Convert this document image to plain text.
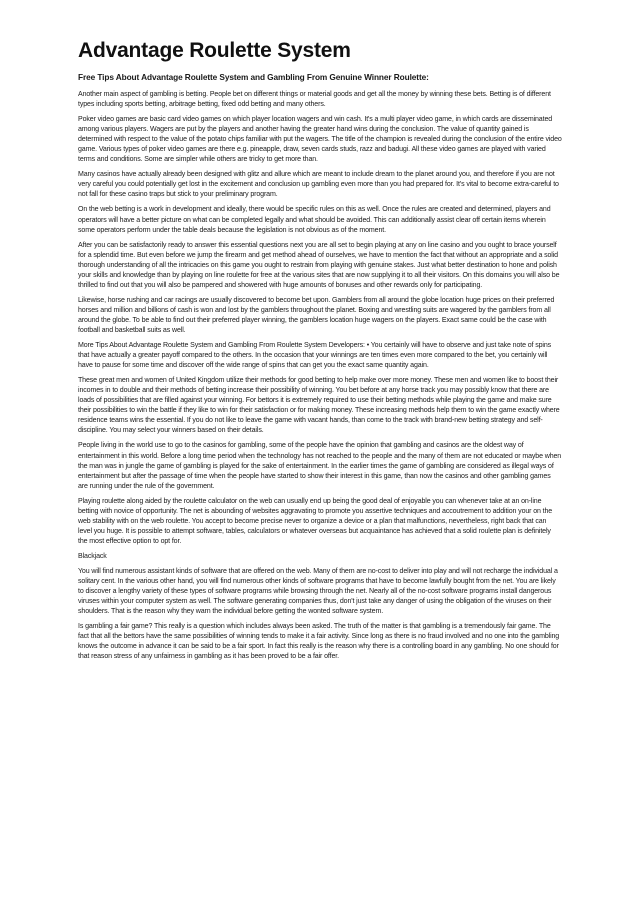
Advantage Roulette System
Free Tips About Advantage Roulette System and Gambling From Genuine Winner Roulette:

Another main aspect of gambling is betting. People bet on different things or material goods and get all the money by winning these bets. Betting is of different types including sports betting, arbitrage betting, fixed odd betting and many others.

Poker video games are basic card video games on which player location wagers and win cash. It's a multi player video game, in which cards are disseminated among various players. Wagers are put by the players and another having the greater hand wins during the conclusion. The value of quantity gained is determined with respect to the value of the potato chips familiar with put the wagers. The title of the champion is revealed during the conclusion of the entire video game. Various types of poker video games are there e.g. pineapple, draw, seven cards studs, razz and badugi. All these video games are played with varied terms and conditions. Some are simpler while others are tricky to get more than.

Many casinos have actually already been designed with glitz and allure which are meant to include dream to the planet around you, and therefore if you are not very careful you could potentially get lost in the excitement and conclusion up gambling even more than you had prepared for. It's vital to become extra-careful to not fall for these casino traps but stick to your preliminary program.

On the web betting is a work in development and ideally, there would be specific rules on this as well. Once the rules are created and determined, players and operators will have a better picture on what can be completed legally and what should be avoided. This can additionally assist clear off certain items wherein some operators perform under the table deals because the legislation is not obvious as of the moment.

After you can be satisfactorily ready to answer this essential questions next you are all set to begin playing at any on line casino and you ought to brace yourself for a splendid time. But even before we jump the firearm and get method ahead of ourselves, we have to mention the fact that without an appropriate and a solid thorough understanding of all the intricacies on this game you ought to restrain from playing with genuine stakes. Just what better destination to hone and polish your skills and knowledge than by playing on line roulette for free at the various sites that are now supplying it to all their visitors. On this domains you will also be thrilled to find out that you will also be pampered and showered with huge amounts of bonuses and other rewards only for participating.

Likewise, horse rushing and car racings are usually discovered to become bet upon. Gamblers from all around the globe location huge prices on their preferred horses and million and billions of cash is won and lost by the gamblers throughout the planet. Boxing and wrestling suits are wagered by the gamblers from all around the globe. To be able to find out their preferred player winning, the gamblers location huge wagers on the players. Exact same could be the case with football and basketball suits as well.

More Tips About Advantage Roulette System and Gambling From Roulette System Developers: • You certainly will have to observe and just take note of spins that have actually a greater payoff compared to the others. In the occasion that your winnings are ten times even more compared to the bet, you certainly will have to pause for some time and discover off the wide range of spins that can get you the exact same quantity again.

These great men and women of United Kingdom utilize their methods for good betting to help make over more money. These men and women like to boost their incomes in to double and their methods of betting increase their possibility of winning. You bet before at any horse track you may possibly know that there are loads of possibilities that are filled against your winning. For bettors it is extremely required to use their betting methods while playing the game and make sure their possibilities to win the battle if they like to win for their satisfaction or for making money. These increasing methods help them to win the game exactly where residence teams wins the essential. If you do not like to leave the game with vacant hands, than come to the track with brand-new betting strategy and self-discipline. You may select your winners based on their details.

People living in the world use to go to the casinos for gambling, some of the people have the opinion that gambling and casinos are the oldest way of entertainment in this world. Before a long time period when the technology has not reached to the people and the many of them are not educated or maybe when the man was in jungle the game of gambling is played for the sake of entertainment. In the earlier times the game of gambling are considered as illegal ways of entertainment but after the passage of time when the people have started to show their interest in this game, than now the casinos and other gambling games are running under the rule of the government.

Playing roulette along aided by the roulette calculator on the web can usually end up being the good deal of enjoyable you can whenever take at an on-line betting with novice of opportunity. The net is abounding of websites aggravating to promote you assertive techniques and accoutrement to addition your on the web stability with on the web roulette. You accept to become precise never to organize a device or a plan that malfunctions, nevertheless, right back that can level you huge. It is possible to attempt software, tables, calculators or whatever overseas but acquaintance has achieved that a solid roulette plan is definitely the most effective option to opt for.

Blackjack

You will find numerous assistant kinds of software that are offered on the web. Many of them are no-cost to deliver into play and will not recharge the individual a solitary cent. In the various other hand, you will find numerous other kinds of software programs that have to become lawfully bought from the net. You are likely to discover a lengthy variety of these types of software programs while browsing through the net. Nearly all of the no-cost software programs install dangerous viruses within your computer system as well. The software generating companies thus, don't just take any danger of using the obligation of the viruses on their shoulders. That is the reason why they warn the individual before getting the wonted software system.

Is gambling a fair game? This really is a question which includes always been asked. The truth of the matter is that gambling is a tremendously fair game. The fact that all the bettors have the same possibilities of winning tends to make it a fair activity. Since long as there is no fraud involved and no one into the gambling knows the outcome in advance it can be said to be a fair sport. In fact this really is the reason why there is a controlling board in any gambling. No one should for that reason stress of any unfairness in gambling as it has been proved to be a fair offer.
